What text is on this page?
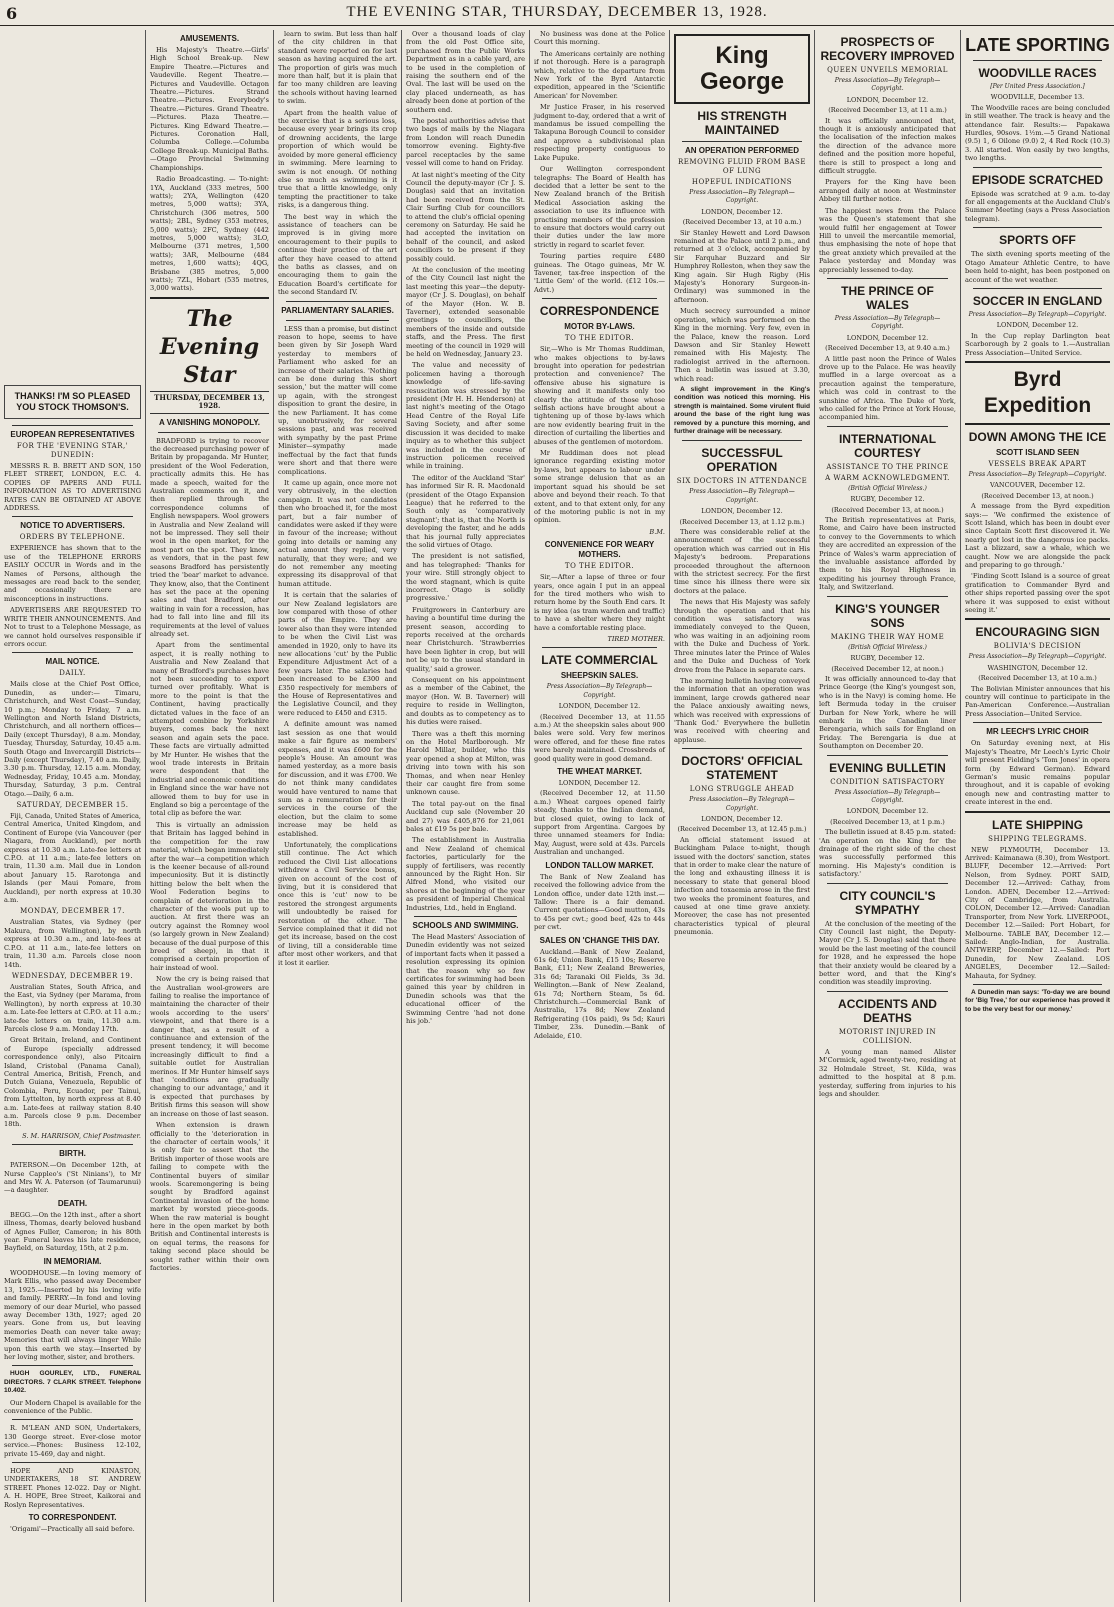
6	THE EVENING STAR, THURSDAY, DECEMBER 13, 1928.
THANKS! I'M SO PLEASED YOU STOCK THOMSON'S.
EUROPEAN REPRESENTATIVES
FOR THE 'EVENING STAR,' DUNEDIN:

MESSRS R. B. BRETT AND SON, 150 FLEET STREET, LONDON, E.C. 4. COPIES OF PAPERS AND FULL INFORMATION AS TO ADVERTISING RATES CAN BE OBTAINED AT ABOVE ADDRESS.

NOTICE TO ADVERTISERS.
ORDERS BY TELEPHONE.

EXPERIENCE has shown that to the use of the TELEPHONE ERRORS EASILY OCCUR in Words and in the Names of Persons, although the messages are read back to the sender, and occasionally there are misconceptions in instructions.

ADVERTISERS ARE REQUESTED TO WRITE THEIR ANNOUNCEMENTS. And Not to trust to a Telephone Message, as we cannot hold ourselves responsible if errors occur.

MAIL NOTICE.
DAILY.

Mails close at the Chief Post Office, Dunedin, as under:— Timaru, Christchurch, and West Coast—Sunday, 10 p.m.; Monday to Friday, 7 a.m. Wellington and North Island Districts, Christchurch, and all northern offices—Daily (except Thursday), 8 a.m. Monday, Tuesday, Thursday, Saturday, 10.45 a.m. South Otago and Invercargill Districts—Daily (except Thursday), 7.40 a.m. Daily, 3.30 p.m. Thursday, 12.15 a.m. Monday, Wednesday, Friday, 10.45 a.m. Monday, Thursday, Saturday, 3 p.m. Central Otago.—Daily, 6 a.m.

SATURDAY, DECEMBER 15.

Fiji, Canada, United States of America, Central America, United Kingdom, and Continent of Europe (via Vancouver (per Niagara, from Auckland), per north express at 10.30 a.m. Late-fee letters at C.P.O. at 11 a.m.; late-fee letters on train, 11.30 a.m. Mail due in London about January 15. Rarotonga and Islands (per Maui Pomare, from Auckland), per north express at 10.30 a.m.

MONDAY, DECEMBER 17.

Australian States, via Sydney (per Makura, from Wellington), by north express at 10.30 a.m., and late-fees at C.P.O. at 11 a.m., late-fee letters on train, 11.30 a.m. Parcels close noon 14th.

WEDNESDAY, DECEMBER 19.

Australian States, South Africa, and the East, via Sydney (per Marama, from Wellington), by north express at 10.30 a.m. Late-fee letters at C.P.O. at 11 a.m.; late-fee letters on train, 11.30 a.m. Parcels close 9 a.m. Monday 17th.

Great Britain, Ireland, and Continent of Europe (specially addressed correspondence only), also Pitcairn Island, Cristobal (Panama Canal), Central America, British, French, and Dutch Guiana, Venezuela, Republic of Colombia, Peru, Ecuador, per Tainui, from Lyttelton, by north express at 8.40 a.m. Late-fees at railway station 8.40 a.m. Parcels close 9 p.m. December 18th.

S. M. HARRISON, Chief Postmaster.
BIRTH.

PATERSON.—On December 12th, at Nurse Cappleo's ('St Ninians'), to Mr and Mrs W. A. Paterson (of Taumarunui)—a daughter.

DEATH.

BEGG.—On the 12th inst., after a short illness, Thomas, dearly beloved husband of Agnes Fuller, Cameron; in his 80th year. Funeral leaves his late residence, Bayfield, on Saturday, 15th, at 2 p.m.

IN MEMORIAM.

WOODHOUSE.—In loving memory of Mark Ellis, who passed away December 13, 1925.—Inserted by his loving wife and family. PERRY.—In fond and loving memory of our dear Muriel, who passed away December 13th, 1927; aged 20 years. Gone from us, but leaving memories Death can never take away; Memories that will always linger While upon this earth we stay.—Inserted by her loving mother, sister, and brothers.

HUGH GOURLEY, LTD., FUNERAL DIRECTORS. 7 CLARK STREET. Telephone 10.402.

Our Modern Chapel is available for the convenience of the Public.

R. M'LEAN AND SON, Undertakers, 130 George street. Ever-close motor service.—Phones: Business 12-102, private 15-469, day and night.

HOPE AND KINASTON, UNDERTAKERS, 18 ST. ANDREW STREET. Phones 12-022. Day or Night. A. H. HOPE, Bree Street, Kaikorai and Roslyn Representatives.

TO CORRESPONDENT.

'Origami'—Practically all said before.

AMUSEMENTS.

His Majesty's Theatre.—Girls' High School Break-up. New Empire Theatre.—Pictures and Vaudeville. Regent Theatre.—Pictures and Vaudeville. Octagon Theatre.—Pictures. Strand Theatre.—Pictures. Everybody's Theatre.—Pictures. Grand Theatre.—Pictures. Plaza Theatre.—Pictures. King Edward Theatre.—Pictures. Coronation Hall, Columba College.—Columba College Break-up. Municipal Baths.—Otago Provincial Swimming Championships.

Radio Broadcasting. — To-night: 1YA, Auckland (333 metres, 500 watts); 2YA, Wellington (420 metres, 5,000 watts); 3YA, Christchurch (306 metres, 500 watts); 2BL, Sydney (353 metres, 5,000 watts); 2FC, Sydney (442 metres, 5,000 watts); 3LO, Melbourne (371 metres, 1,500 watts); 3AR, Melbourne (484 metres, 1,600 watts); 4QG, Brisbane (385 metres, 5,000 watts); 7ZL, Hobart (535 metres, 3,000 watts).

The Evening Star
THURSDAY, DECEMBER 13, 1928.
A VANISHING MONOPOLY.

BRADFORD is trying to recover the decreased purchasing power of Britain by propaganda. Mr Hunter, president of the Wool Federation, practically admits this. He has made a speech, waited for the Australian comments on it, and then replied through the correspondence columns of English newspapers. Wool growers in Australia and New Zealand will not be impressed. They sell their wool in the open market, for the most part on the spot. They know, as vendors, that in the past few seasons Bradford has persistently tried the 'bear' market to advance. They know, also, that the Continent has set the pace at the opening sales and that Bradford, after waiting in vain for a recession, has had to fall into line and fill its requirements at the level of values already set.

Apart from the sentimental aspect, it is really nothing to Australia and New Zealand that many of Bradford's purchases have not been succeeding to export turned over profitably. What is more to the point is that the Continent, having practically dictated values in the face of an attempted combine by Yorkshire buyers, comes back the next season and again sets the pace. These facts are virtually admitted by Mr Hunter. He wishes that the wool trade interests in Britain were despondent that the industrial and economic conditions in England since the war have not allowed them to buy for use in England so big a percentage of the total clip as before the war.

This is virtually an admission that Britain has lagged behind in the competition for the raw material, which began immediately after the war—a competition which is the keener because of all-round impecuniosity. But it is distinctly hitting below the belt when the Wool Federation begins to complain of deterioration in the character of the wools put up to auction. At first there was an outcry against the Romney wool (so largely grown in New Zealand) because of the dual purpose of this breed of sheep), in that it comprised a certain proportion of hair instead of wool.

Now the cry is being raised that the Australian wool-growers are failing to realise the importance of maintaining the character of their wools according to the users' viewpoint, and that there is a danger that, as a result of a continuance and extension of the present tendency, it will become increasingly difficult to find a suitable outlet for Australian merinos. If Mr Hunter himself says that 'conditions are gradually changing to our advantage,' and it is expected that purchases by British firms this season will show an increase on those of last season.

When extension is drawn officially to the 'deterioration in the character of certain wools,' it is only fair to assert that the British importer of those wools are failing to compete with the Continental buyers of similar wools. Scaremongering is being sought by Bradford against Continental invasion of the home market by worsted piece-goods. When the raw material is bought here in the open market by both British and Continental interests is on equal terms, the reasons for taking second place should be sought rather within their own factories.

learn to swim. But less than half of the city children in that standard were reported on for last season as having acquired the art. The proportion of girls was much more than half, but it is plain that far too many children are leaving the schools without having learned to swim.

Apart from the health value of the exercise that is a serious loss, because every year brings its crop of drowning accidents, the large proportion of which would be avoided by more general efficiency in swimming. Mere learning to swim is not enough. Of nothing else so much as swimming is it true that a little knowledge, only tempting the practitioner to take risks, is a dangerous thing.

The best way in which the assistance of teachers can be improved is in giving more encouragement to their pupils to continue their practice of the art after they have ceased to attend the baths as classes, and on encouraging them to gain the Education Board's certificate for the second Standard IV.

PARLIAMENTARY SALARIES.

LESS than a promise, but distinct reason to hope, seems to have been given by Sir Joseph Ward yesterday to members of Parliament who asked for an increase of their salaries. 'Nothing can be done during this short session,' but the matter will come up again, with the strongest disposition to grant the desire, in the new Parliament. It has come up, unobtrusively, for several sessions past, and was received with sympathy by the past Prime Minister—sympathy made ineffectual by the fact that funds were short and that there were complications.

It came up again, once more not very obtrusively, in the election campaign. It was not candidates then who broached it, for the most part, but a fair number of candidates were asked if they were in favour of the increase; without going into details or naming any actual amount they replied, very naturally, that they were; and we do not remember any meeting expressing its disapproval of that human attitude.

It is certain that the salaries of our New Zealand legislators are low compared with those of other parts of the Empire. They are lower also than they were intended to be when the Civil List was amended in 1920, only to have its new allocations 'cut' by the Public Expenditure Adjustment Act of a few years later. The salaries had been increased to be £300 and £350 respectively for members of the House of Representatives and the Legislative Council, and they were reduced to £450 and £315.

A definite amount was named last session as one that would make a fair figure as members' expenses, and it was £600 for the people's House. An amount was named yesterday, as a more basis for discussion, and it was £700. We do not think many candidates would have ventured to name that sum as a remuneration for their services in the course of the election, but the claim to some increase may be held as established.

Unfortunately, the complications still continue. The Act which reduced the Civil List allocations withdrew a Civil Service bonus, given on account of the cost of living, but it is considered that once this is 'cut' now to be restored the strongest arguments will undoubtedly be raised for restoration of the other. The Service complained that it did not get its increase, based on the cost of living, till a considerable time after most other workers, and that it lost it earlier.

Over a thousand loads of clay from the old Post Office site, purchased from the Public Works Department as in a cable yard, are to be used in the completion of raising the southern end of the Oval. The last will be used on the clay placed underneath, as has already been done at portion of the southern end.

The postal authorities advise that two bags of mails by the Niagara from London will reach Dunedin tomorrow evening. Eighty-five parcel receptacles by the same vessel will come to hand on Friday.

At last night's meeting of the City Council the deputy-mayor (Cr J. S. Douglas) said that an invitation had been received from the St. Clair Surfing Club for councillors to attend the club's official opening ceremony on Saturday. He said he had accepted the invitation on behalf of the council, and asked councillors to be present if they possibly could.

At the conclusion of the meeting of the City Council last night the last meeting this year—the deputy-mayor (Cr J. S. Douglas), on behalf of the Mayor (Hon. W. B. Taverner), extended seasonable greetings to councillors, the members of the inside and outside staffs, and the Press. The first meeting of the council in 1929 will be held on Wednesday, January 23.

The value and necessity of policemen having a thorough knowledge of life-saving resuscitation was stressed by the president (Mr H. H. Henderson) at last night's meeting of the Otago Head Centre of the Royal Life Saving Society, and after some discussion it was decided to make inquiry as to whether this subject was included in the course of instruction policemen received while in training.

The editor of the Auckland 'Star' has informed Sir R. R. Macdonald (president of the Otago Expansion League) that he referred to the South only as 'comparatively stagnant'; that is, that the North is developing the faster, and he adds that his journal fully appreciates the solid virtues of Otago.

The president is not satisfied, and has telegraphed: 'Thanks for your wire. Still strongly object to the word stagnant, which is quite incorrect. Otago is solidly progressive.'

Fruitgrowers in Canterbury are having a bountiful time during the present season, according to reports received at the orchards near Christchurch. 'Strawberries have been lighter in crop, but will not be up to the usual standard in quality,' said a grower.

Consequent on his appointment as a member of the Cabinet, the mayor (Hon. W. B. Taverner) will require to reside in Wellington, and doubts as to competency as to his duties were raised.

There was a theft this morning on the Hotel Marlborough. Mr Harold Millar, builder, who this year opened a shop at Milton, was driving into town with his son Thomas, and when near Henley their car caught fire from some unknown cause.

The total pay-out on the final Auckland cup sale (November 20 and 27) was £405,876 for 21,061 bales at £19 5s per bale.

The establishment in Australia and New Zealand of chemical factories, particularly for the supply of fertilisers, was recently announced by the Right Hon. Sir Alfred Mond, who visited our shores at the beginning of the year as president of Imperial Chemical Industries, Ltd., held in England.

SCHOOLS AND SWIMMING.

The Head Masters' Association of Dunedin evidently was not seized of important facts when it passed a resolution expressing its opinion that the reason why so few certificates for swimming had been gained this year by children in Dunedin schools was that the educational officer of the Swimming Centre 'had not done his job.'

No business was done at the Police Court this morning.

The Americans certainly are nothing if not thorough. Here is a paragraph which, relative to the departure from New York of the Byrd Antarctic expedition, appeared in the 'Scientific American' for November.

Mr Justice Fraser, in his reserved judgment to-day, ordered that a writ of mandamus be issued compelling the Takapuna Borough Council to consider and approve a subdivisional plan respecting property contiguous to Lake Pupuke.

Our Wellington correspondent telegraphs: The Board of Health has decided that a letter be sent to the New Zealand branch of the British Medical Association asking the association to use its influence with practising members of the profession to ensure that doctors would carry out their duties under the law more strictly in regard to scarlet fever.

Touring parties require £480 guineas. The Otago guineas, Mr W. Tavener, tax-free inspection of the 'Little Gem' of the world. (£12 10s.—Advt.)

CORRESPONDENCE
MOTOR BY-LAWS.
TO THE EDITOR.

Sir,—Who is Mr Thomas Ruddiman, who makes objections to by-laws brought into operation for pedestrian protection and convenience? The offensive abuse his signature is showing and it manifests only too clearly the attitude of those whose selfish actions have brought about a tightening up of those by-laws which are now evidently bearing fruit in the direction of curtailing the liberties and abuses of the gentlemen of motordom.

Mr Ruddiman does not plead ignorance regarding existing motor by-laws, but appears to labour under some strange delusion that as an important squad his should be set above and beyond their reach. To that extent, and to that extent only, for any of the motoring public is not in my opinion.

B.M.
CONVENIENCE FOR WEARY MOTHERS.
TO THE EDITOR.

Sir,—After a lapse of three or four years, once again I put in an appeal for the tired mothers who wish to return home by the South End cars. It is my idea (as tram warden and traffic) to have a shelter where they might have a comfortable resting place.

TIRED MOTHER.
LATE COMMERCIAL
SHEEPSKIN SALES.
Press Association—By Telegraph—Copyright.
LONDON, December 12.

(Received December 13, at 11.55 a.m.) At the sheepskin sales about 900 bales were sold. Very few merinos were offered, and for these fine rates were barely maintained. Crossbreds of good quality were in good demand.

THE WHEAT MARKET.
LONDON, December 12.

(Received December 12, at 11.50 a.m.) Wheat cargoes opened fairly steady, thanks to the Indian demand, but closed quiet, owing to lack of support from Argentina. Cargoes by three unnamed steamers for India: May, August, were sold at 43s. Parcels Australian and unchanged.

LONDON TALLOW MARKET.

The Bank of New Zealand has received the following advice from the London office, under date 12th inst.—Tallow: There is a fair demand. Current quotations—Good mutton, 43s to 45s per cwt.; good beef, 42s to 44s per cwt.

SALES ON 'CHANGE THIS DAY.

Auckland.—Bank of New Zealand, 61s 6d; Union Bank, £15 10s; Reserve Bank, £11; New Zealand Breweries, 31s 6d; Taranaki Oil Fields, 3s 3d. Wellington.—Bank of New Zealand, 61s 7d; Northern Steam, 5s 6d. Christchurch.—Commercial Bank of Australia, 17s 8d; New Zealand Refrigerating (10s paid), 9s 5d; Kauri Timber, 23s. Dunedin.—Bank of Adelaide, £10.

King George
HIS STRENGTH MAINTAINED
AN OPERATION PERFORMED
REMOVING FLUID FROM BASE OF LUNG
HOPEFUL INDICATIONS
Press Association—By Telegraph—Copyright.
LONDON, December 12.
(Received December 13, at 10 a.m.)

Sir Stanley Hewett and Lord Dawson remained at the Palace until 2 p.m., and returned at 3 o'clock, accompanied by Sir Farquhar Buzzard and Sir Humphrey Rolleston, when they saw the King again. Sir Hugh Rigby (His Majesty's Honorary Surgeon-in-Ordinary) was summoned in the afternoon.

Much secrecy surrounded a minor operation, which was performed on the King in the morning. Very few, even in the Palace, knew the reason. Lord Dawson and Sir Stanley Hewett remained with His Majesty. The radiologist arrived in the afternoon. Then a bulletin was issued at 3.30, which read:

A slight improvement in the King's condition was noticed this morning. His strength is maintained. Some virulent fluid around the base of the right lung was removed by a puncture this morning, and further drainage will be necessary.

SUCCESSFUL OPERATION
SIX DOCTORS IN ATTENDANCE
Press Association—By Telegraph—Copyright.
LONDON, December 12.
(Received December 13, at 1.12 p.m.)

There was considerable relief at the announcement of the successful operation which was carried out in His Majesty's bedroom. Preparations proceeded throughout the afternoon with the strictest secrecy. For the first time since his illness there were six doctors at the palace.

The news that His Majesty was safely through the operation and that his condition was satisfactory was immediately conveyed to the Queen, who was waiting in an adjoining room with the Duke and Duchess of York. Three minutes later the Prince of Wales and the Duke and Duchess of York drove from the Palace in separate cars.

The morning bulletin having conveyed the information that an operation was imminent, large crowds gathered near the Palace anxiously awaiting news, which was received with expressions of 'Thank God.' Everywhere the bulletin was received with cheering and applause.

DOCTORS' OFFICIAL STATEMENT
LONG STRUGGLE AHEAD
Press Association—By Telegraph—Copyright.
LONDON, December 12.
(Received December 13, at 12.45 p.m.)

An official statement issued at Buckingham Palace to-night, though issued with the doctors' sanction, states that in order to make clear the nature of the long and exhausting illness it is necessary to state that general blood infection and toxaemia arose in the first two weeks the prominent features, and caused at one time grave anxiety. Moreover, the case has not presented characteristics typical of pleural pneumonia.

PROSPECTS OF RECOVERY IMPROVED
QUEEN UNVEILS MEMORIAL
Press Association—By Telegraph—Copyright.
LONDON, December 12.
(Received December 13, at 11 a.m.)

It was officially announced that, though it is anxiously anticipated that the localisation of the infection makes the direction of the advance more defined and the position more hopeful, there is still to prospect a long and difficult struggle.

Prayers for the King have been arranged daily at noon at Westminster Abbey till further notice.

The happiest news from the Palace was the Queen's statement that she would fulfil her engagement at Tower Hill to unveil the mercantile memorial, thus emphasising the note of hope that the great anxiety which prevailed at the Palace yesterday and Monday was appreciably lessened to-day.

THE PRINCE OF WALES
Press Association—By Telegraph—Copyright.
LONDON, December 12.
(Received December 13, at 9.40 a.m.)

A little past noon the Prince of Wales drove up to the Palace. He was heavily muffled in a large overcoat as a precaution against the temperature, which was cold in contrast to the sunshine of Africa. The Duke of York, who called for the Prince at York House, accompanied him.

INTERNATIONAL COURTESY
ASSISTANCE TO THE PRINCE
A WARM ACKNOWLEDGMENT.
(British Official Wireless.)
RUGBY, December 12.
(Received December 13, at noon.)

The British representatives at Paris, Rome, and Cairo have been instructed to convey to the Governments to which they are accredited an expression of the Prince of Wales's warm appreciation of the invaluable assistance afforded by them to his Royal Highness in expediting his journey through France, Italy, and Switzerland.

KING'S YOUNGER SONS
MAKING THEIR WAY HOME
(British Official Wireless.)
RUGBY, December 12.
(Received December 12, at noon.)

It was officially announced to-day that Prince George (the King's youngest son, who is in the Navy) is coming home. He left Bermuda today in the cruiser Durban for New York, where he will embark in the Canadian liner Berengaria, which sails for England on Friday. The Berengaria is due at Southampton on December 20.

EVENING BULLETIN
CONDITION SATISFACTORY
Press Association—By Telegraph—Copyright.
LONDON, December 12.
(Received December 13, at 1 p.m.)

The bulletin issued at 8.45 p.m. stated: 'An operation on the King for the drainage of the right side of the chest was successfully performed this morning. His Majesty's condition is satisfactory.'

CITY COUNCIL'S SYMPATHY

At the conclusion of the meeting of the City Council last night, the Deputy-Mayor (Cr J. S. Douglas) said that there would be the last meeting of the council for 1928, and he expressed the hope that their anxiety would be cleared by a better word, and that the King's condition was steadily improving.

ACCIDENTS AND DEATHS
MOTORIST INJURED IN COLLISION.

A young man named Alister M'Cormick, aged twenty-two, residing at 32 Holmdale Street, St. Kilda, was admitted to the hospital at 8 p.m. yesterday, suffering from injuries to his legs and shoulder.

LATE SPORTING
WOODVILLE RACES
[Per United Press Association.]
WOODVILLE, December 13.

The Woodville races are being concluded in still weather. The track is heavy and the attendance fair. Results:— Papakawa Hurdles, 90sovs. 1½m.—5 Grand National (9.5) 1, 6 Oilone (9.0) 2, 4 Red Rock (10.3) 3. All started. Won easily by two lengths, two lengths.

EPISODE SCRATCHED

Episode was scratched at 9 a.m. to-day for all engagements at the Auckland Club's Summer Meeting (says a Press Association telegram).

SPORTS OFF

The sixth evening sports meeting of the Otago Amateur Athletic Centre, to have been held to-night, has been postponed on account of the wet weather.

SOCCER IN ENGLAND
Press Association—By Telegraph—Copyright.
LONDON, December 12.

In the Cup replay Darlington beat Scarborough by 2 goals to 1.—Australian Press Association—United Service.

Byrd Expedition
DOWN AMONG THE ICE
SCOTT ISLAND SEEN
VESSELS BREAK APART
Press Association—By Telegraph—Copyright.
VANCOUVER, December 12.
(Received December 13, at noon.)

A message from the Byrd expedition says:— 'We confirmed the existence of Scott Island, which has been in doubt ever since Captain Scott first discovered it. We nearly got lost in the dangerous ice packs. Last a blizzard, saw a whale, which we caught. Now we are alongside the pack and preparing to go through.'

'Finding Scott Island is a source of great gratification to Commander Byrd and other ships reported passing over the spot where it was supposed to exist without seeing it.'

ENCOURAGING SIGN
BOLIVIA'S DECISION
Press Association—By Telegraph—Copyright.
WASHINGTON, December 12.
(Received December 13, at 10 a.m.)

The Bolivian Minister announces that his country will continue to participate in the Pan-American Conference.—Australian Press Association—United Service.

MR LEECH'S LYRIC CHOIR

On Saturday evening next, at His Majesty's Theatre, Mr Leech's Lyric Choir will present Fielding's 'Tom Jones' in opera form (by Edward German). Edward German's music remains popular throughout, and it is capable of evoking enough new and contrasting matter to create interest in the end.

LATE SHIPPING
SHIPPING TELEGRAMS.

NEW PLYMOUTH, December 13. Arrived: Kaimanawa (8.30), from Westport. BLUFF, December 12.—Arrived: Port Nelson, from Sydney. PORT SAID, December 12.—Arrived: Cathay, from London. ADEN, December 12.—Arrived: City of Cambridge, from Australia. COLON, December 12.—Arrived: Canadian Transporter, from New York. LIVERPOOL, December 12.—Sailed: Port Hobart, for Melbourne. TABLE BAY, December 12.—Sailed: Anglo-Indian, for Australia. ANTWERP, December 12.—Sailed: Port Dunedin, for New Zealand. LOS ANGELES, December 12.—Sailed: Mahauta, for Sydney.

A Dunedin man says: 'To-day we are bound for 'Big Tree,' for our experience has proved it to be the very best for our money.'
